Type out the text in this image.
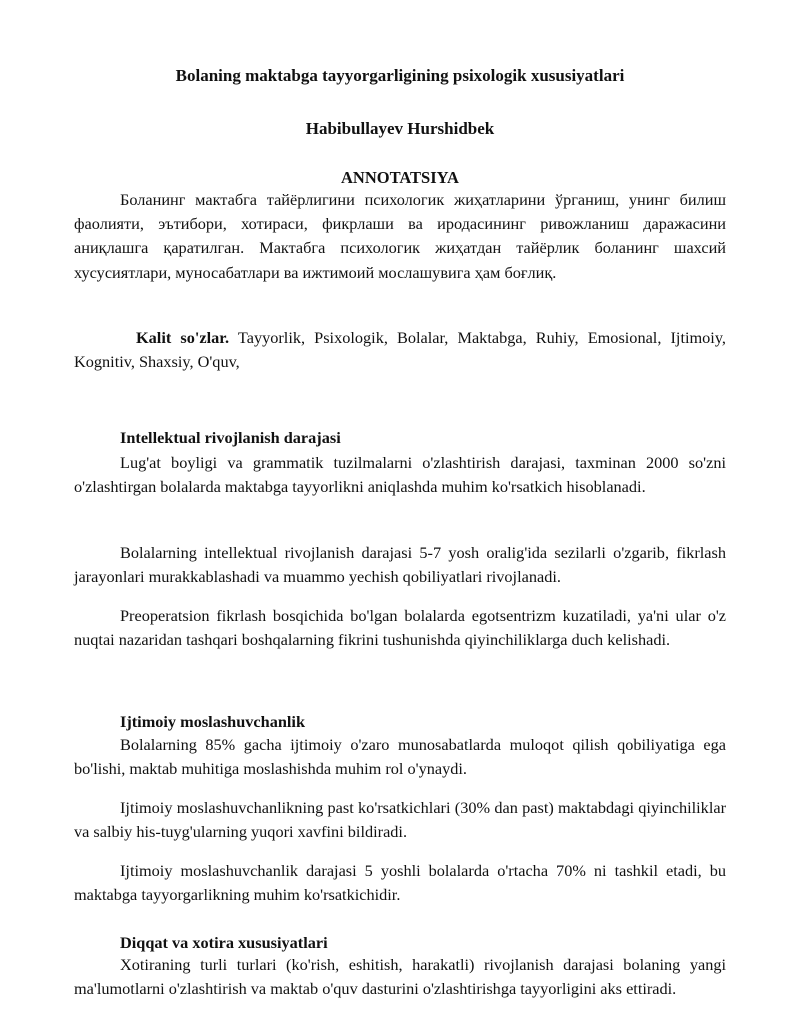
Bolaning maktabga tayyorgarligining psixologik xususiyatlari
Habibullayev Hurshidbek
ANNOTATSIYA

Боланинг мактабга тайёрлигини психологик жиҳатларини ўрганиш, унинг билиш фаолияти, эътибори, хотираси, фикрлаши ва иродасининг ривожланиш даражасини аниқлашга қаратилган. Мактабга психологик жиҳатдан тайёрлик боланинг шахсий хусусиятлари, муносабатлари ва ижтимоий мослашувига ҳам боғлиқ.

Kalit so'zlar. Tayyorlik, Psixologik, Bolalar, Maktabga, Ruhiy, Emosional, Ijtimoiy, Kognitiv, Shaxsiy, O'quv,

Intellektual rivojlanish darajasi

Lug'at boyligi va grammatik tuzilmalarni o'zlashtirish darajasi, taxminan 2000 so'zni o'zlashtirgan bolalarda maktabga tayyorlikni aniqlashda muhim ko'rsatkich hisoblanadi.

Bolalarning intellektual rivojlanish darajasi 5-7 yosh oralig'ida sezilarli o'zgarib, fikrlash jarayonlari murakkablashadi va muammo yechish qobiliyatlari rivojlanadi.

Preoperatsion fikrlash bosqichida bo'lgan bolalarda egotsentrizm kuzatiladi, ya'ni ular o'z nuqtai nazaridan tashqari boshqalarning fikrini tushunishda qiyinchiliklarga duch kelishadi.

Ijtimoiy moslashuvchanlik

Bolalarning 85% gacha ijtimoiy o'zaro munosabatlarda muloqot qilish qobiliyatiga ega bo'lishi, maktab muhitiga moslashishda muhim rol o'ynaydi.

Ijtimoiy moslashuvchanlikning past ko'rsatkichlari (30% dan past) maktabdagi qiyinchiliklar va salbiy his-tuyg'ularning yuqori xavfini bildiradi.

Ijtimoiy moslashuvchanlik darajasi 5 yoshli bolalarda o'rtacha 70% ni tashkil etadi, bu maktabga tayyorgarlikning muhim ko'rsatkichidir.

Diqqat va xotira xususiyatlari

Xotiraning turli turlari (ko'rish, eshitish, harakatli) rivojlanish darajasi bolaning yangi ma'lumotlarni o'zlashtirish va maktab o'quv dasturini o'zlashtirishga tayyorligini aks ettiradi.
